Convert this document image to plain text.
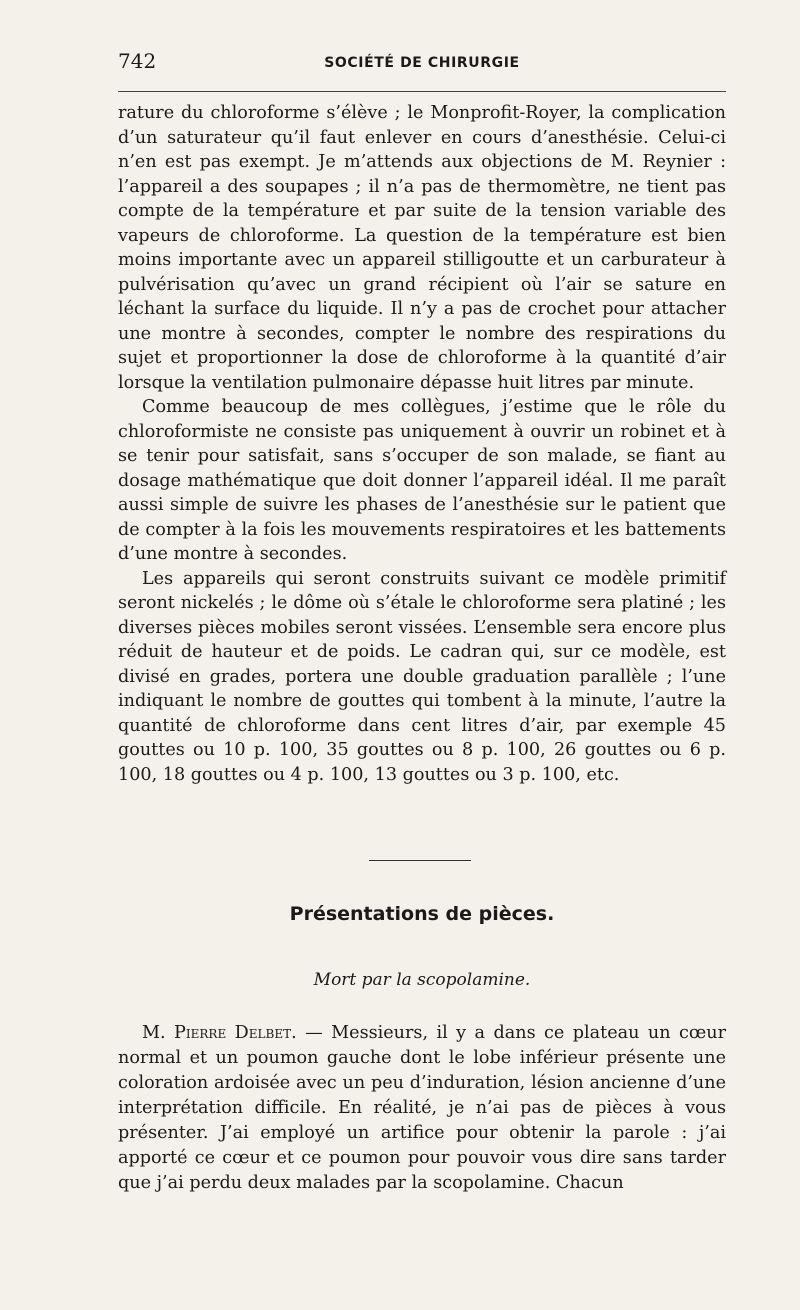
742	SOCIÉTÉ DE CHIRURGIE

rature du chloroforme s’élève ; le Monprofit-Royer, la complication d’un saturateur qu’il faut enlever en cours d’anesthésie. Celui-ci n’en est pas exempt. Je m’attends aux objections de M. Reynier : l’appareil a des soupapes ; il n’a pas de thermomètre, ne tient pas compte de la température et par suite de la tension variable des vapeurs de chloroforme. La question de la température est bien moins importante avec un appareil stilligoutte et un carburateur à pulvérisation qu’avec un grand récipient où l’air se sature en léchant la surface du liquide. Il n’y a pas de crochet pour attacher une montre à secondes, compter le nombre des respirations du sujet et proportionner la dose de chloroforme à la quantité d’air lorsque la ventilation pulmonaire dépasse huit litres par minute.

Comme beaucoup de mes collègues, j’estime que le rôle du chloroformiste ne consiste pas uniquement à ouvrir un robinet et à se tenir pour satisfait, sans s’occuper de son malade, se fiant au dosage mathématique que doit donner l’appareil idéal. Il me paraît aussi simple de suivre les phases de l’anesthésie sur le patient que de compter à la fois les mouvements respiratoires et les battements d’une montre à secondes.

Les appareils qui seront construits suivant ce modèle primitif seront nickelés ; le dôme où s’étale le chloroforme sera platiné ; les diverses pièces mobiles seront vissées. L’ensemble sera encore plus réduit de hauteur et de poids. Le cadran qui, sur ce modèle, est divisé en grades, portera une double graduation parallèle ; l’une indiquant le nombre de gouttes qui tombent à la minute, l’autre la quantité de chloroforme dans cent litres d’air, par exemple 45 gouttes ou 10 p. 100, 35 gouttes ou 8 p. 100, 26 gouttes ou 6 p. 100, 18 gouttes ou 4 p. 100, 13 gouttes ou 3 p. 100, etc.

Présentations de pièces.
Mort par la scopolamine.

M. Pierre Delbet. — Messieurs, il y a dans ce plateau un cœur normal et un poumon gauche dont le lobe inférieur présente une coloration ardoisée avec un peu d’induration, lésion ancienne d’une interprétation difficile. En réalité, je n’ai pas de pièces à vous présenter. J’ai employé un artifice pour obtenir la parole : j’ai apporté ce cœur et ce poumon pour pouvoir vous dire sans tarder que j’ai perdu deux malades par la scopolamine. Chacun
